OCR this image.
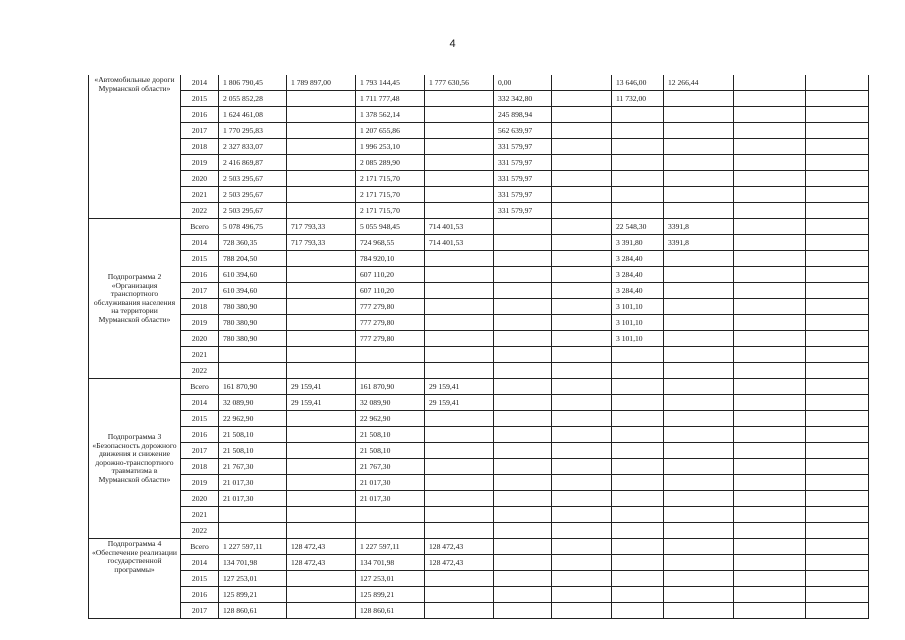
4
«Автомобильные дороги Мурманской области»	2014	1 806 790,45	1 789 897,00	1 793 144,45	1 777 630,56	0,00		13 646,00	12 266,44		
	2015	2 055 852,28		1 711 777,48		332 342,80		11 732,00			
	2016	1 624 461,08		1 378 562,14		245 898,94					
	2017	1 770 295,83		1 207 655,86		562 639,97					
	2018	2 327 833,07		1 996 253,10		331 579,97					
	2019	2 416 869,87		2 085 289,90		331 579,97					
	2020	2 503 295,67		2 171 715,70		331 579,97					
	2021	2 503 295,67		2 171 715,70		331 579,97					
	2022	2 503 295,67		2 171 715,70		331 579,97					
Подпрограмма 2 «Организация транспортного обслуживания населения на территории Мурманской области»	Всего	5 078 496,75	717 793,33	5 055 948,45	714 401,53			22 548,30	3391,8		
	2014	728 360,35	717 793,33	724 968,55	714 401,53			3 391,80	3391,8		
	2015	788 204,50		784 920,10				3 284,40			
	2016	610 394,60		607 110,20				3 284,40			
	2017	610 394,60		607 110,20				3 284,40			
	2018	780 380,90		777 279,80				3 101,10			
	2019	780 380,90		777 279,80				3 101,10			
	2020	780 380,90		777 279,80				3 101,10			
	2021										
	2022										
Подпрограмма 3 «Безопасность дорожного движения и снижение дорожно-транспортного травматизма в Мурманской области»	Всего	161 870,90	29 159,41	161 870,90	29 159,41						
	2014	32 089,90	29 159,41	32 089,90	29 159,41						
	2015	22 962,90		22 962,90							
	2016	21 508,10		21 508,10							
	2017	21 508,10		21 508,10							
	2018	21 767,30		21 767,30							
	2019	21 017,30		21 017,30							
	2020	21 017,30		21 017,30							
	2021										
	2022										
Подпрограмма 4 «Обеспечение реализации государственной программы»	Всего	1 227 597,11	128 472,43	1 227 597,11	128 472,43						
	2014	134 701,98	128 472,43	134 701,98	128 472,43						
	2015	127 253,01		127 253,01							
	2016	125 899,21		125 899,21							
	2017	128 860,61		128 860,61							
